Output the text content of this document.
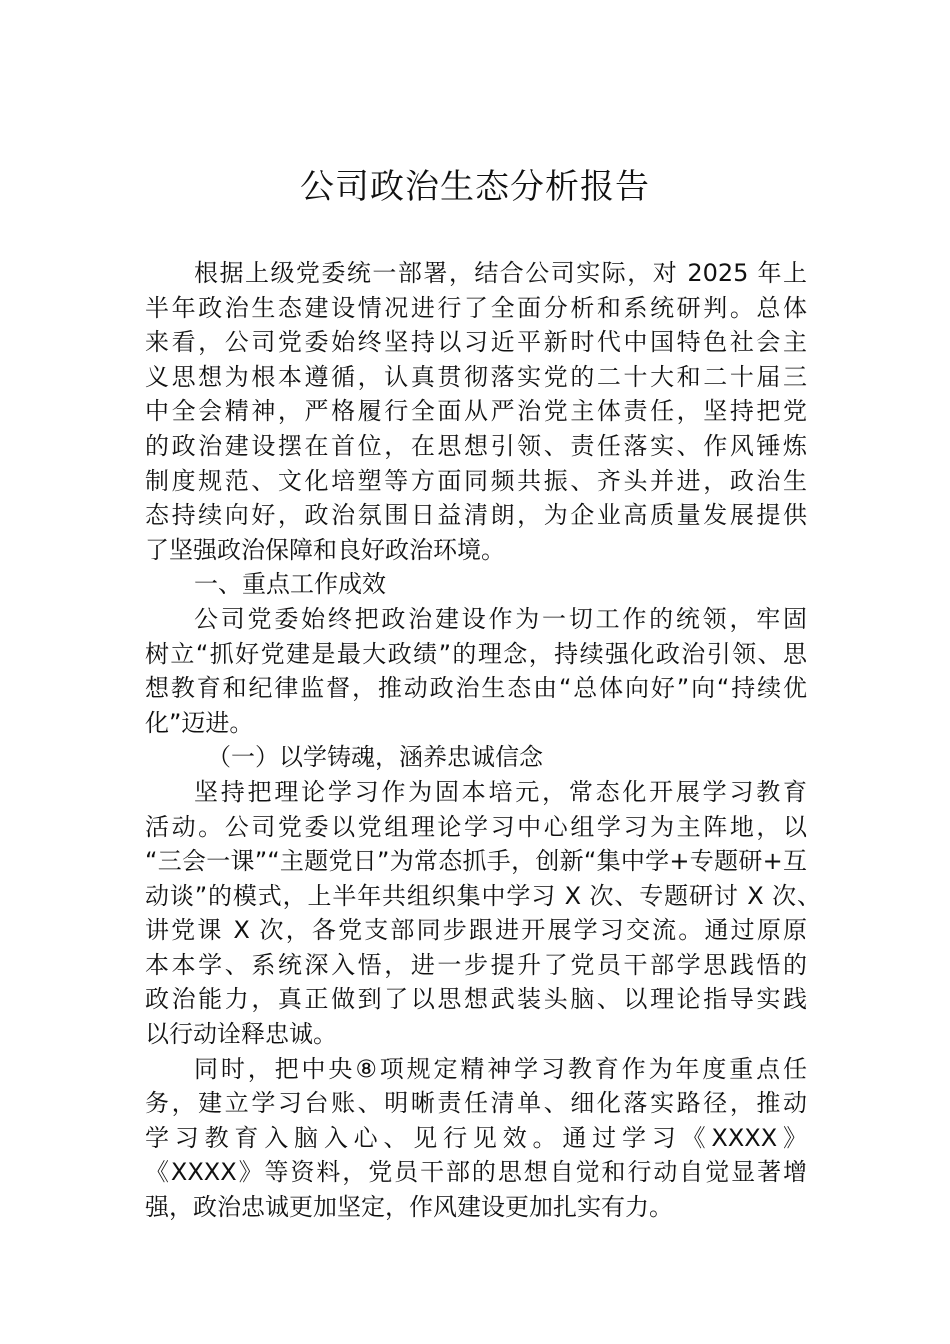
公司政治生态分析报告
根据上级党委统一部署，结合公司实际，对 2025 年上
半年政治生态建设情况进行了全面分析和系统研判。总体
来看，公司党委始终坚持以习近平新时代中国特色社会主
义思想为根本遵循，认真贯彻落实党的二十大和二十届三
中全会精神，严格履行全面从严治党主体责任，坚持把党
的政治建设摆在首位，在思想引领、责任落实、作风锤炼
制度规范、文化培塑等方面同频共振、齐头并进，政治生
态持续向好，政治氛围日益清朗，为企业高质量发展提供
了坚强政治保障和良好政治环境。
一、重点工作成效
公司党委始终把政治建设作为一切工作的统领，牢固
树立“抓好党建是最大政绩”的理念，持续强化政治引领、思
想教育和纪律监督，推动政治生态由“总体向好”向“持续优
化”迈进。
（一）以学铸魂，涵养忠诚信念
坚持把理论学习作为固本培元，常态化开展学习教育
活动。公司党委以党组理论学习中心组学习为主阵地，以
“三会一课”“主题党日”为常态抓手，创新“集中学+专题研+互
动谈”的模式，上半年共组织集中学习 X 次、专题研讨 X 次、
讲党课 X 次，各党支部同步跟进开展学习交流。通过原原
本本学、系统深入悟，进一步提升了党员干部学思践悟的
政治能力，真正做到了以思想武装头脑、以理论指导实践
以行动诠释忠诚。
同时，把中央⑧项规定精神学习教育作为年度重点任
务，建立学习台账、明晰责任清单、细化落实路径，推动
学习教育入脑入心、见行见效。通过学习《XXXX》
《XXXX》等资料，党员干部的思想自觉和行动自觉显著增
强，政治忠诚更加坚定，作风建设更加扎实有力。
